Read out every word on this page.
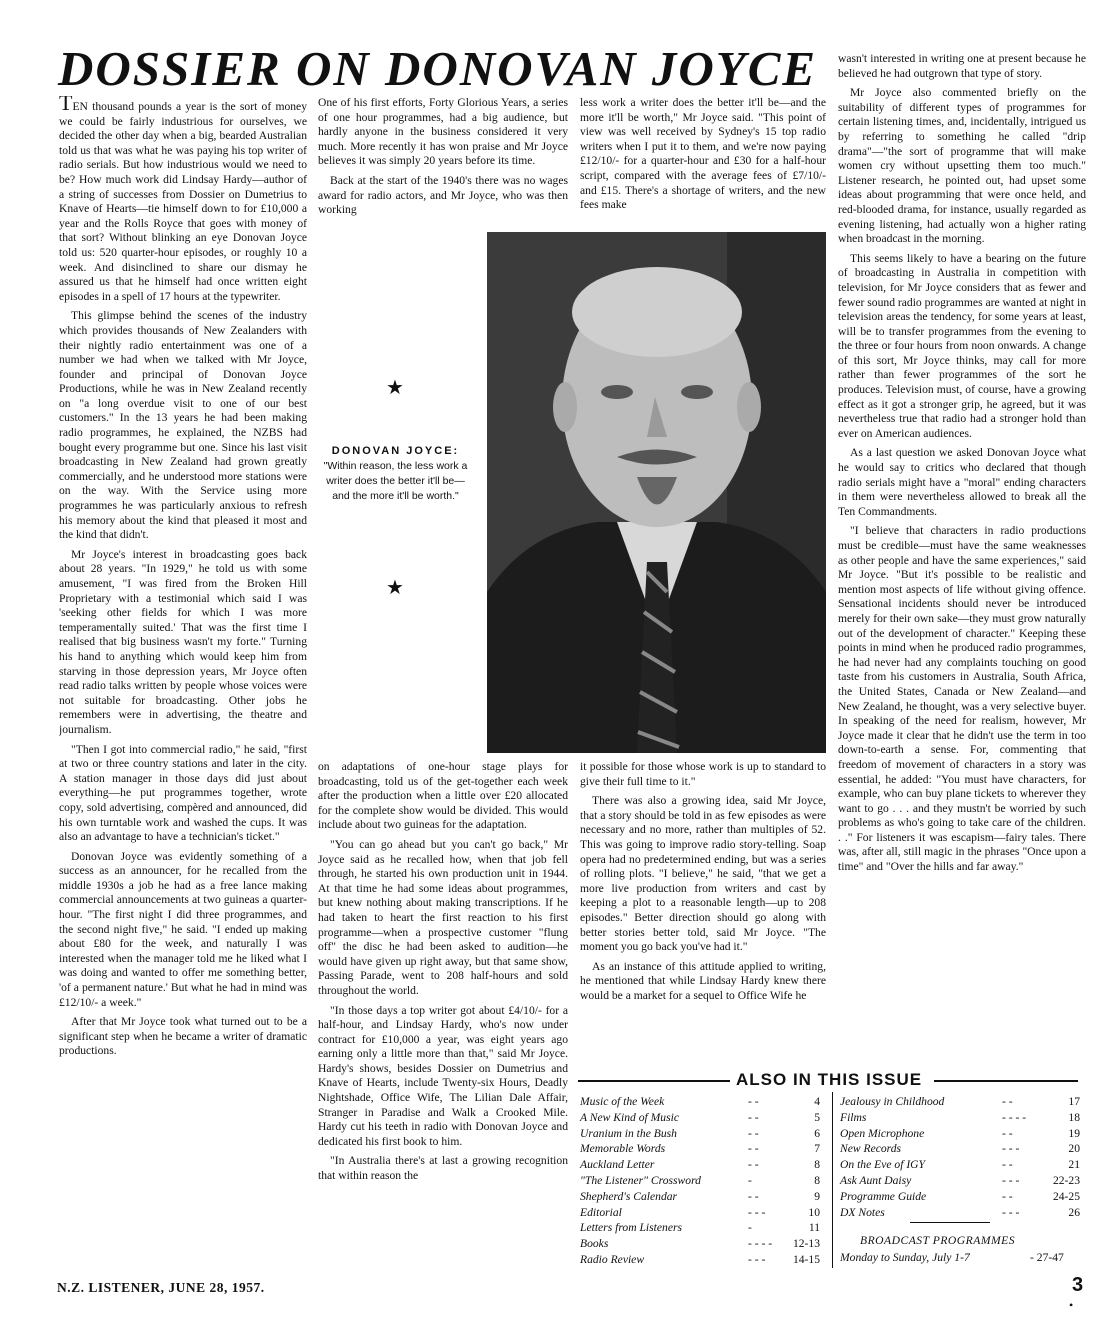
DOSSIER ON DONOVAN JOYCE

TEN thousand pounds a year is the sort of money we could be fairly industrious for ourselves, we decided the other day when a big, bearded Australian told us that was what he was paying his top writer of radio serials. But how industrious would we need to be? How much work did Lindsay Hardy—author of a string of successes from Dossier on Dumetrius to Knave of Hearts—tie himself down to for £10,000 a year and the Rolls Royce that goes with money of that sort? Without blinking an eye Donovan Joyce told us: 520 quarter-hour episodes, or roughly 10 a week. And disinclined to share our dismay he assured us that he himself had once written eight episodes in a spell of 17 hours at the typewriter.

This glimpse behind the scenes of the industry which provides thousands of New Zealanders with their nightly radio entertainment was one of a number we had when we talked with Mr Joyce, founder and principal of Donovan Joyce Productions, while he was in New Zealand recently on "a long overdue visit to one of our best customers." In the 13 years he had been making radio programmes, he explained, the NZBS had bought every programme but one. Since his last visit broadcasting in New Zealand had grown greatly commercially, and he understood more stations were on the way. With the Service using more programmes he was particularly anxious to refresh his memory about the kind that pleased it most and the kind that didn't.

Mr Joyce's interest in broadcasting goes back about 28 years. "In 1929," he told us with some amusement, "I was fired from the Broken Hill Proprietary with a testimonial which said I was 'seeking other fields for which I was more temperamentally suited.' That was the first time I realised that big business wasn't my forte." Turning his hand to anything which would keep him from starving in those depression years, Mr Joyce often read radio talks written by people whose voices were not suitable for broadcasting. Other jobs he remembers were in advertising, the theatre and journalism.

"Then I got into commercial radio," he said, "first at two or three country stations and later in the city. A station manager in those days did just about everything—he put programmes together, wrote copy, sold advertising, compèred and announced, did his own turntable work and washed the cups. It was also an advantage to have a technician's ticket."

Donovan Joyce was evidently something of a success as an announcer, for he recalled from the middle 1930s a job he had as a free lance making commercial announcements at two guineas a quarter-hour. "The first night I did three programmes, and the second night five," he said. "I ended up making about £80 for the week, and naturally I was interested when the manager told me he liked what I was doing and wanted to offer me something better, 'of a permanent nature.' But what he had in mind was £12/10/- a week."

After that Mr Joyce took what turned out to be a significant step when he became a writer of dramatic productions.

One of his first efforts, Forty Glorious Years, a series of one hour programmes, had a big audience, but hardly anyone in the business considered it very much. More recently it has won praise and Mr Joyce believes it was simply 20 years before its time.

Back at the start of the 1940's there was no wages award for radio actors, and Mr Joyce, who was then working

less work a writer does the better it'll be—and the more it'll be worth," Mr Joyce said. "This point of view was well received by Sydney's 15 top radio writers when I put it to them, and we're now paying £12/10/- for a quarter-hour and £30 for a half-hour script, compared with the average fees of £7/10/- and £15. There's a shortage of writers, and the new fees make

★
DONOVAN JOYCE:
"Within reason, the less work a writer does the better it'll be—and the more it'll be worth."
★

on adaptations of one-hour stage plays for broadcasting, told us of the get-together each week after the production when a little over £20 allocated for the complete show would be divided. This would include about two guineas for the adaptation.

"You can go ahead but you can't go back," Mr Joyce said as he recalled how, when that job fell through, he started his own production unit in 1944. At that time he had some ideas about programmes, but knew nothing about making transcriptions. If he had taken to heart the first reaction to his first programme—when a prospective customer "flung off" the disc he had been asked to audition—he would have given up right away, but that same show, Passing Parade, went to 208 half-hours and sold throughout the world.

"In those days a top writer got about £4/10/- for a half-hour, and Lindsay Hardy, who's now under contract for £10,000 a year, was eight years ago earning only a little more than that," said Mr Joyce. Hardy's shows, besides Dossier on Dumetrius and Knave of Hearts, include Twenty-six Hours, Deadly Nightshade, Office Wife, The Lilian Dale Affair, Stranger in Paradise and Walk a Crooked Mile. Hardy cut his teeth in radio with Donovan Joyce and dedicated his first book to him.

"In Australia there's at last a growing recognition that within reason the

it possible for those whose work is up to standard to give their full time to it."

There was also a growing idea, said Mr Joyce, that a story should be told in as few episodes as were necessary and no more, rather than multiples of 52. This was going to improve radio story-telling. Soap opera had no predetermined ending, but was a series of rolling plots. "I believe," he said, "that we get a more live production from writers and cast by keeping a plot to a reasonable length—up to 208 episodes." Better direction should go along with better stories better told, said Mr Joyce. "The moment you go back you've had it."

As an instance of this attitude applied to writing, he mentioned that while Lindsay Hardy knew there would be a market for a sequel to Office Wife he

wasn't interested in writing one at present because he believed he had outgrown that type of story.

Mr Joyce also commented briefly on the suitability of different types of programmes for certain listening times, and, incidentally, intrigued us by referring to something he called "drip drama"—"the sort of programme that will make women cry without upsetting them too much." Listener research, he pointed out, had upset some ideas about programming that were once held, and red-blooded drama, for instance, usually regarded as evening listening, had actually won a higher rating when broadcast in the morning.

This seems likely to have a bearing on the future of broadcasting in Australia in competition with television, for Mr Joyce considers that as fewer and fewer sound radio programmes are wanted at night in television areas the tendency, for some years at least, will be to transfer programmes from the evening to the three or four hours from noon onwards. A change of this sort, Mr Joyce thinks, may call for more rather than fewer programmes of the sort he produces. Television must, of course, have a growing effect as it got a stronger grip, he agreed, but it was nevertheless true that radio had a stronger hold than ever on American audiences.

As a last question we asked Donovan Joyce what he would say to critics who declared that though radio serials might have a "moral" ending characters in them were nevertheless allowed to break all the Ten Commandments.

"I believe that characters in radio productions must be credible—must have the same weaknesses as other people and have the same experiences," said Mr Joyce. "But it's possible to be realistic and mention most aspects of life without giving offence. Sensational incidents should never be introduced merely for their own sake—they must grow naturally out of the development of character." Keeping these points in mind when he produced radio programmes, he had never had any complaints touching on good taste from his customers in Australia, South Africa, the United States, Canada or New Zealand—and New Zealand, he thought, was a very selective buyer. In speaking of the need for realism, however, Mr Joyce made it clear that he didn't use the term in too down-to-earth a sense. For, commenting that freedom of movement of characters in a story was essential, he added: "You must have characters, for example, who can buy plane tickets to wherever they want to go . . . and they mustn't be worried by such problems as who's going to take care of the children. . ." For listeners it was escapism—fairy tales. There was, after all, still magic in the phrases "Once upon a time" and "Over the hills and far away."

ALSO IN THIS ISSUE
Music of the Week	- -	4
A New Kind of Music	- -	5
Uranium in the Bush	- -	6
Memorable Words	- -	7
Auckland Letter	- -	8
"The Listener" Crossword	-	8
Shepherd's Calendar	- -	9
Editorial	- - -	10
Letters from Listeners	-	11
Books	- - - - 12-13
Radio Review	- - - 14-15
Jealousy in Childhood	- -	17
Films	- - - -	18
Open Microphone	- -	19
New Records	- - -	20
On the Eve of IGY	- -	21
Ask Aunt Daisy	- - -	22-23
Programme Guide	- -	24-25
DX Notes	- - -	26
BROADCAST PROGRAMMES
Monday to Sunday, July 1-7	- 27-47
N.Z. LISTENER, JUNE 28, 1957.	3
•
